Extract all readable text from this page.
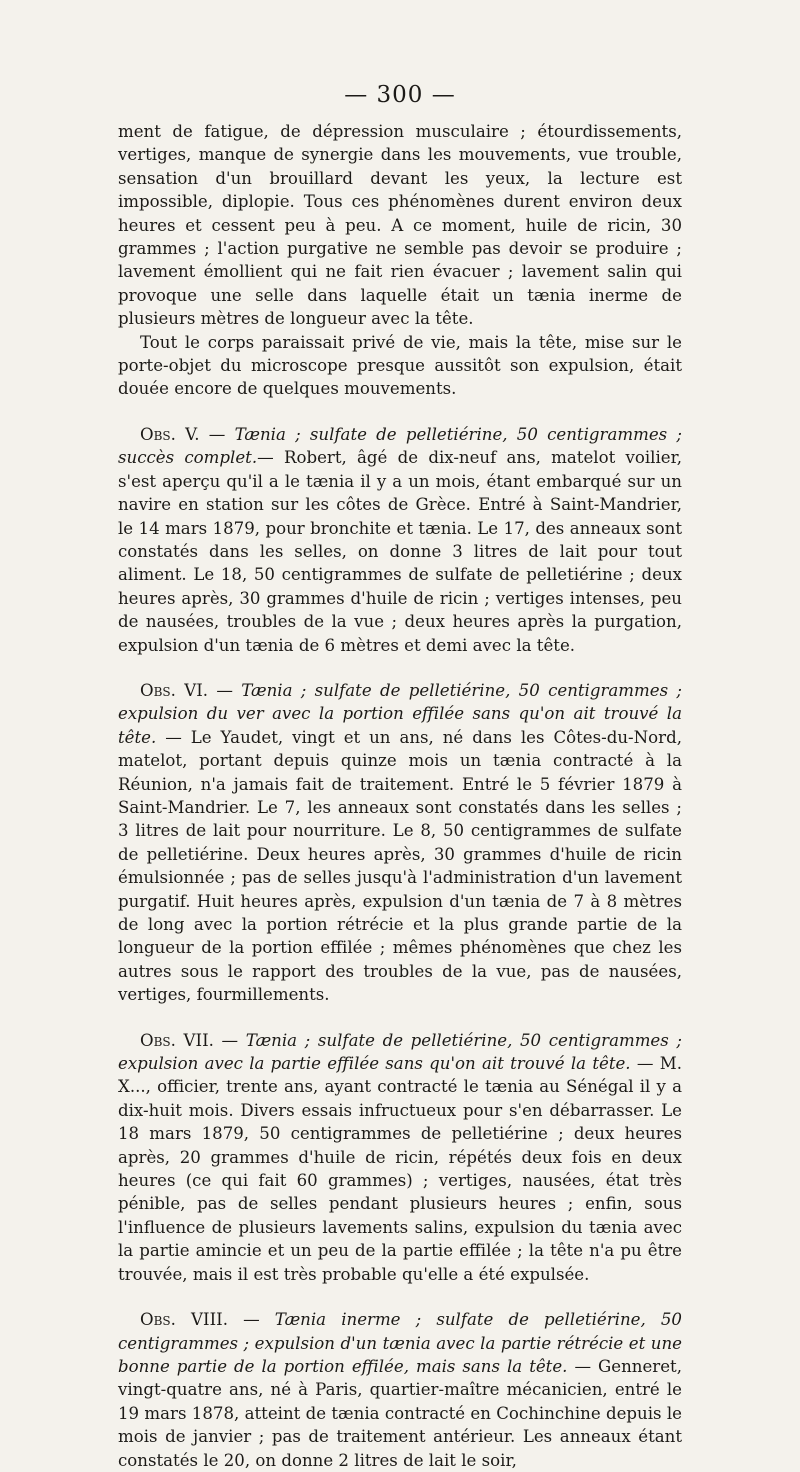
— 300 —

ment de fatigue, de dépression musculaire ; étourdissements, vertiges, manque de synergie dans les mouvements, vue trouble, sensation d'un brouillard devant les yeux, la lecture est impossible, diplopie. Tous ces phénomènes durent environ deux heures et cessent peu à peu. A ce moment, huile de ricin, 30 grammes ; l'action purgative ne semble pas devoir se produire ; lavement émollient qui ne fait rien évacuer ; lavement salin qui provoque une selle dans laquelle était un tænia inerme de plusieurs mètres de longueur avec la tête.

Tout le corps paraissait privé de vie, mais la tête, mise sur le porte-objet du microscope presque aussitôt son expulsion, était douée encore de quelques mouvements.

Obs. V. — Tænia ; sulfate de pelletiérine, 50 centigrammes ; succès complet.— Robert, âgé de dix-neuf ans, matelot voilier, s'est aperçu qu'il a le tænia il y a un mois, étant embarqué sur un navire en station sur les côtes de Grèce. Entré à Saint-Mandrier, le 14 mars 1879, pour bronchite et tænia. Le 17, des anneaux sont constatés dans les selles, on donne 3 litres de lait pour tout aliment. Le 18, 50 centigrammes de sulfate de pelletiérine ; deux heures après, 30 grammes d'huile de ricin ; vertiges intenses, peu de nausées, troubles de la vue ; deux heures après la purgation, expulsion d'un tænia de 6 mètres et demi avec la tête.

Obs. VI. — Tænia ; sulfate de pelletiérine, 50 centigrammes ; expulsion du ver avec la portion effilée sans qu'on ait trouvé la tête. — Le Yaudet, vingt et un ans, né dans les Côtes-du-Nord, matelot, portant depuis quinze mois un tænia contracté à la Réunion, n'a jamais fait de traitement. Entré le 5 février 1879 à Saint-Mandrier. Le 7, les anneaux sont constatés dans les selles ; 3 litres de lait pour nourriture. Le 8, 50 centigrammes de sulfate de pelletiérine. Deux heures après, 30 grammes d'huile de ricin émulsionnée ; pas de selles jusqu'à l'administration d'un lavement purgatif. Huit heures après, expulsion d'un tænia de 7 à 8 mètres de long avec la portion rétrécie et la plus grande partie de la longueur de la portion effilée ; mêmes phénomènes que chez les autres sous le rapport des troubles de la vue, pas de nausées, vertiges, fourmillements.

Obs. VII. — Tænia ; sulfate de pelletiérine, 50 centigrammes ; expulsion avec la partie effilée sans qu'on ait trouvé la tête. — M. X..., officier, trente ans, ayant contracté le tænia au Sénégal il y a dix-huit mois. Divers essais infructueux pour s'en débarrasser. Le 18 mars 1879, 50 centigrammes de pelletiérine ; deux heures après, 20 grammes d'huile de ricin, répétés deux fois en deux heures (ce qui fait 60 grammes) ; vertiges, nausées, état très pénible, pas de selles pendant plusieurs heures ; enfin, sous l'influence de plusieurs lavements salins, expulsion du tænia avec la partie amincie et un peu de la partie effilée ; la tête n'a pu être trouvée, mais il est très probable qu'elle a été expulsée.

Obs. VIII. — Tænia inerme ; sulfate de pelletiérine, 50 centigrammes ; expulsion d'un tænia avec la partie rétrécie et une bonne partie de la portion effilée, mais sans la tête. — Genneret, vingt-quatre ans, né à Paris, quartier-maître mécanicien, entré le 19 mars 1878, atteint de tænia contracté en Cochinchine depuis le mois de janvier ; pas de traitement antérieur. Les anneaux étant constatés le 20, on donne 2 litres de lait le soir,
